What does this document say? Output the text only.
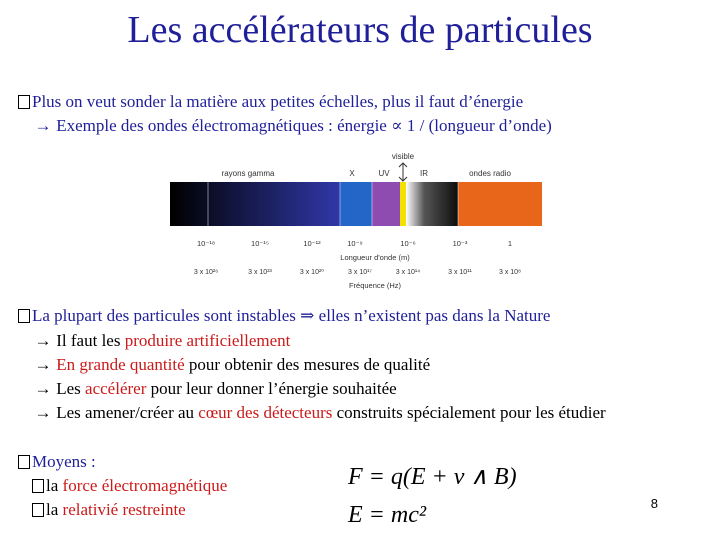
Les accélérateurs de particules
Plus on veut sonder la matière aux petites échelles, plus il faut d’énergie
→ Exemple des ondes électromagnétiques : énergie ∝ 1 / (longueur d’onde)
visible
rayons gamma	X	UV	IR	ondes radio
10⁻¹⁸	10⁻¹⁵	10⁻¹²	10⁻⁹	10⁻⁶	10⁻³	1
Longueur d'onde (m)
3 x 10²⁶	3 x 10²³	3 x 10²⁰	3 x 10¹⁷	3 x 10¹⁴	3 x 10¹¹	3 x 10⁸
Fréquence (Hz)
La plupart des particules sont instables ⇒ elles n’existent pas dans la Nature
→ Il faut les produire artificiellement
→ En grande quantité pour obtenir des mesures de qualité
→ Les accélérer pour leur donner l’énergie souhaitée
→ Les amener/créer au cœur des détecteurs construits spécialement pour les étudier
Moyens :
la force électromagnétique
la relativié restreinte
F = q(E + v ∧ B)
E = mc²	8
